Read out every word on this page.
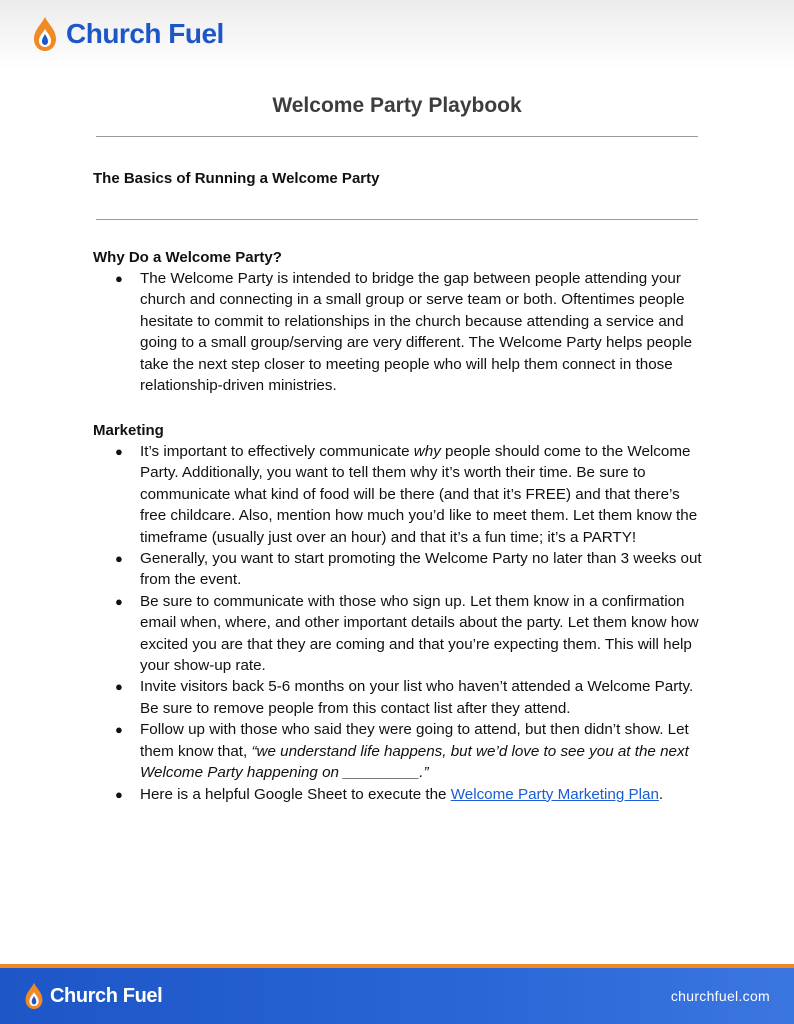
Church Fuel
Welcome Party Playbook
The Basics of Running a Welcome Party
Why Do a Welcome Party?
● The Welcome Party is intended to bridge the gap between people attending your church and connecting in a small group or serve team or both. Oftentimes people hesitate to commit to relationships in the church because attending a service and going to a small group/serving are very different. The Welcome Party helps people take the next step closer to meeting people who will help them connect in those relationship-driven ministries.
Marketing
● It’s important to effectively communicate why people should come to the Welcome Party. Additionally, you want to tell them why it’s worth their time. Be sure to communicate what kind of food will be there (and that it’s FREE) and that there’s free childcare. Also, mention how much you’d like to meet them. Let them know the timeframe (usually just over an hour) and that it’s a fun time; it’s a PARTY!
● Generally, you want to start promoting the Welcome Party no later than 3 weeks out from the event.
● Be sure to communicate with those who sign up. Let them know in a confirmation email when, where, and other important details about the party. Let them know how excited you are that they are coming and that you’re expecting them. This will help your show-up rate.
● Invite visitors back 5-6 months on your list who haven’t attended a Welcome Party. Be sure to remove people from this contact list after they attend.
● Follow up with those who said they were going to attend, but then didn’t show. Let them know that, “we understand life happens, but we’d love to see you at the next Welcome Party happening on _________.”
● Here is a helpful Google Sheet to execute the Welcome Party Marketing Plan.
Church Fuel	churchfuel.com
